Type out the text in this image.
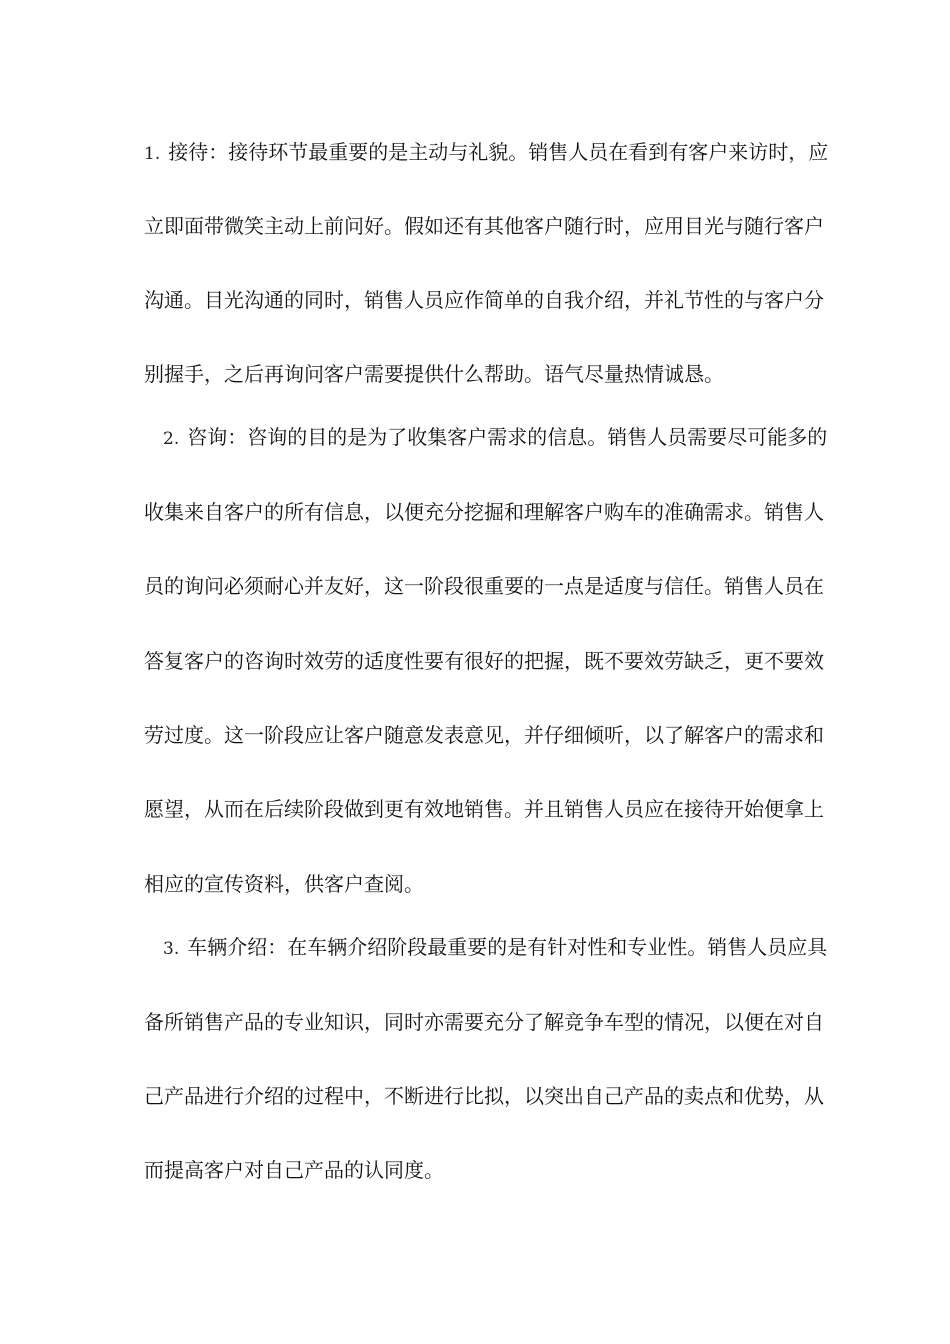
1. 接待：接待环节最重要的是主动与礼貌。销售人员在看到有客户来访时，应
立即面带微笑主动上前问好。假如还有其他客户随行时，应用目光与随行客户
沟通。目光沟通的同时，销售人员应作简单的自我介绍，并礼节性的与客户分
别握手，之后再询问客户需要提供什么帮助。语气尽量热情诚恳。
2. 咨询：咨询的目的是为了收集客户需求的信息。销售人员需要尽可能多的
收集来自客户的所有信息，以便充分挖掘和理解客户购车的准确需求。销售人
员的询问必须耐心并友好，这一阶段很重要的一点是适度与信任。销售人员在
答复客户的咨询时效劳的适度性要有很好的把握，既不要效劳缺乏，更不要效
劳过度。这一阶段应让客户随意发表意见，并仔细倾听，以了解客户的需求和
愿望，从而在后续阶段做到更有效地销售。并且销售人员应在接待开始便拿上
相应的宣传资料，供客户查阅。
3. 车辆介绍：在车辆介绍阶段最重要的是有针对性和专业性。销售人员应具
备所销售产品的专业知识，同时亦需要充分了解竞争车型的情况，以便在对自
己产品进行介绍的过程中，不断进行比拟，以突出自己产品的卖点和优势，从
而提高客户对自己产品的认同度。
